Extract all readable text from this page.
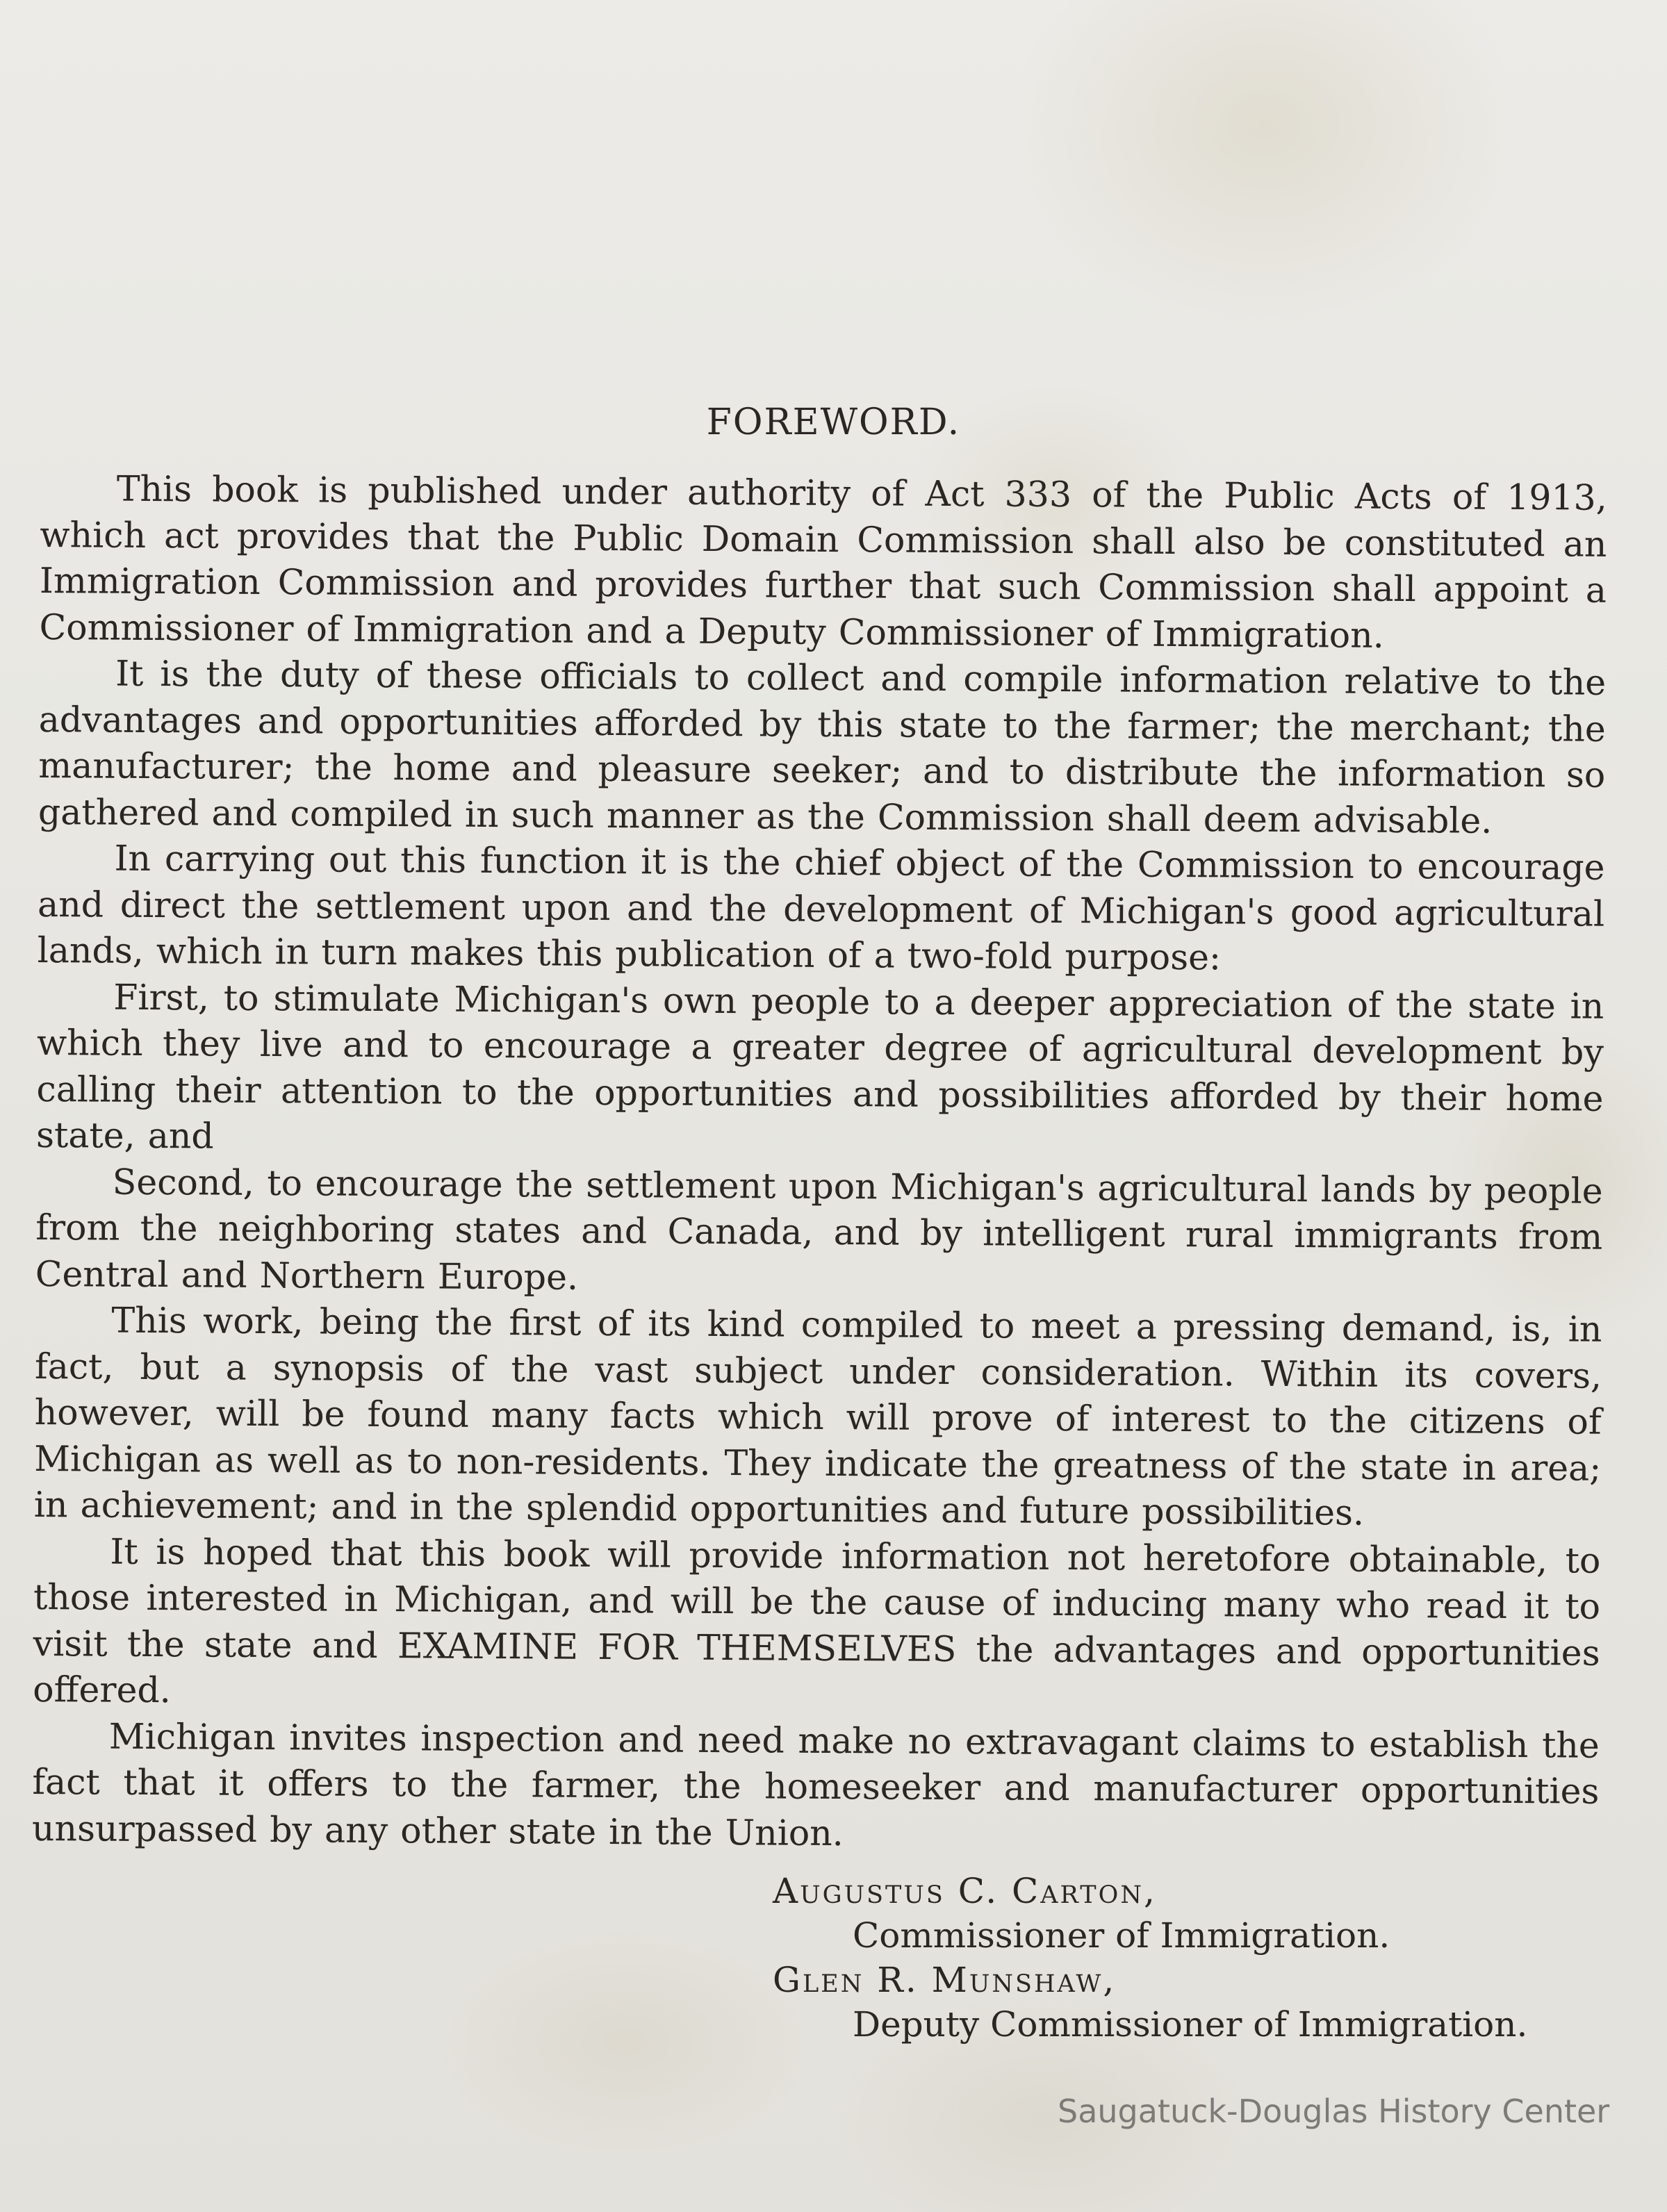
FOREWORD.

This book is published under authority of Act 333 of the Public Acts of 1913, which act provides that the Public Domain Commission shall also be constituted an Immigration Commission and provides further that such Commission shall appoint a Commissioner of Immigration and a Deputy Commissioner of Immigration.

It is the duty of these officials to collect and compile information relative to the advantages and opportunities afforded by this state to the farmer; the merchant; the manufacturer; the home and pleasure seeker; and to distribute the information so gathered and compiled in such manner as the Commission shall deem advisable.

In carrying out this function it is the chief object of the Commission to encourage and direct the settlement upon and the development of Michigan's good agricultural lands, which in turn makes this publication of a two-fold purpose:

First, to stimulate Michigan's own people to a deeper appreciation of the state in which they live and to encourage a greater degree of agricultural development by calling their attention to the opportunities and possibilities afforded by their home state, and

Second, to encourage the settlement upon Michigan's agricultural lands by people from the neighboring states and Canada, and by intelligent rural immigrants from Central and Northern Europe.

This work, being the first of its kind compiled to meet a pressing demand, is, in fact, but a synopsis of the vast subject under consideration. Within its covers, however, will be found many facts which will prove of interest to the citizens of Michigan as well as to non-residents. They indicate the greatness of the state in area; in achievement; and in the splendid opportunities and future possibilities.

It is hoped that this book will provide information not heretofore obtainable, to those interested in Michigan, and will be the cause of inducing many who read it to visit the state and EXAMINE FOR THEMSELVES the advantages and opportunities offered.

Michigan invites inspection and need make no extravagant claims to establish the fact that it offers to the farmer, the homeseeker and manufacturer opportunities unsurpassed by any other state in the Union.

Augustus C. Carton,
Commissioner of Immigration.
Glen R. Munshaw,
Deputy Commissioner of Immigration.
Saugatuck-Douglas History Center
